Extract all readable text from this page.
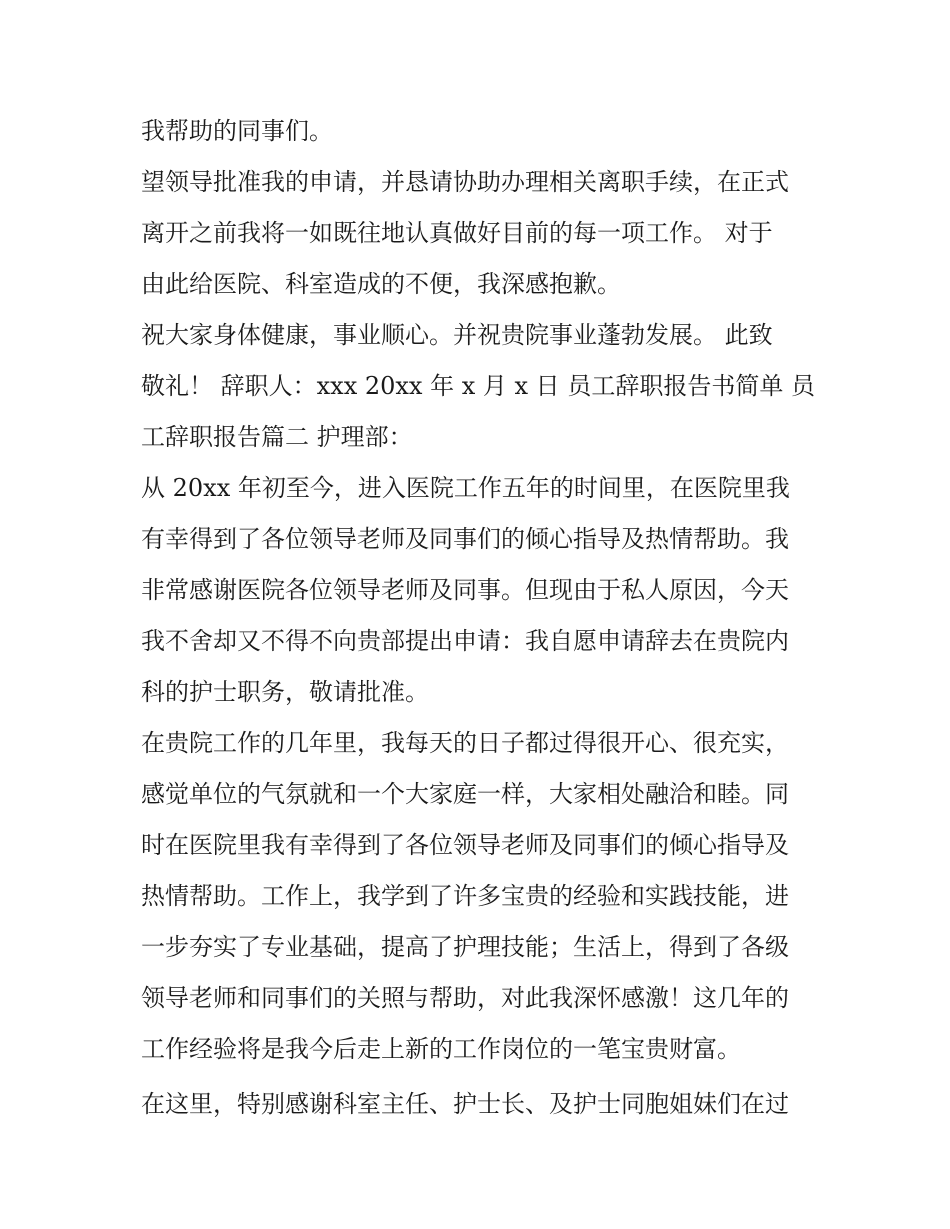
我帮助的同事们。
望领导批准我的申请，并恳请协助办理相关离职手续，在正式
离开之前我将一如既往地认真做好目前的每一项工作。 对于
由此给医院、科室造成的不便，我深感抱歉。
祝大家身体健康，事业顺心。并祝贵院事业蓬勃发展。 此致
敬礼！ 辞职人：xxx 20xx 年 x 月 x 日 员工辞职报告书简单 员
工辞职报告篇二 护理部：
从 20xx 年初至今，进入医院工作五年的时间里，在医院里我
有幸得到了各位领导老师及同事们的倾心指导及热情帮助。我
非常感谢医院各位领导老师及同事。但现由于私人原因，今天
我不舍却又不得不向贵部提出申请：我自愿申请辞去在贵院内
科的护士职务，敬请批准。
在贵院工作的几年里，我每天的日子都过得很开心、很充实，
感觉单位的气氛就和一个大家庭一样，大家相处融洽和睦。同
时在医院里我有幸得到了各位领导老师及同事们的倾心指导及
热情帮助。工作上，我学到了许多宝贵的经验和实践技能，进
一步夯实了专业基础，提高了护理技能；生活上，得到了各级
领导老师和同事们的关照与帮助，对此我深怀感激！这几年的
工作经验将是我今后走上新的工作岗位的一笔宝贵财富。
在这里，特别感谢科室主任、护士长、及护士同胞姐妹们在过
